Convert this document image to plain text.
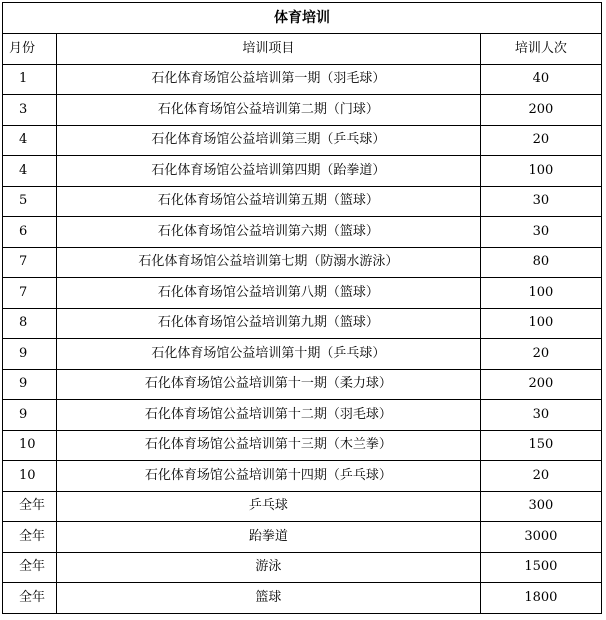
体育培训		
月份	培训项目	培训人次
1	石化体育场馆公益培训第一期（羽毛球）	40
3	石化体育场馆公益培训第二期（门球）	200
4	石化体育场馆公益培训第三期（乒乓球）	20
4	石化体育场馆公益培训第四期（跆拳道）	100
5	石化体育场馆公益培训第五期（篮球）	30
6	石化体育场馆公益培训第六期（篮球）	30
7	石化体育场馆公益培训第七期（防溺水游泳）	80
7	石化体育场馆公益培训第八期（篮球）	100
8	石化体育场馆公益培训第九期（篮球）	100
9	石化体育场馆公益培训第十期（乒乓球）	20
9	石化体育场馆公益培训第十一期（柔力球）	200
9	石化体育场馆公益培训第十二期（羽毛球）	30
10	石化体育场馆公益培训第十三期（木兰拳）	150
10	石化体育场馆公益培训第十四期（乒乓球）	20
全年	乒乓球	300
全年	跆拳道	3000
全年	游泳	1500
全年	篮球	1800
